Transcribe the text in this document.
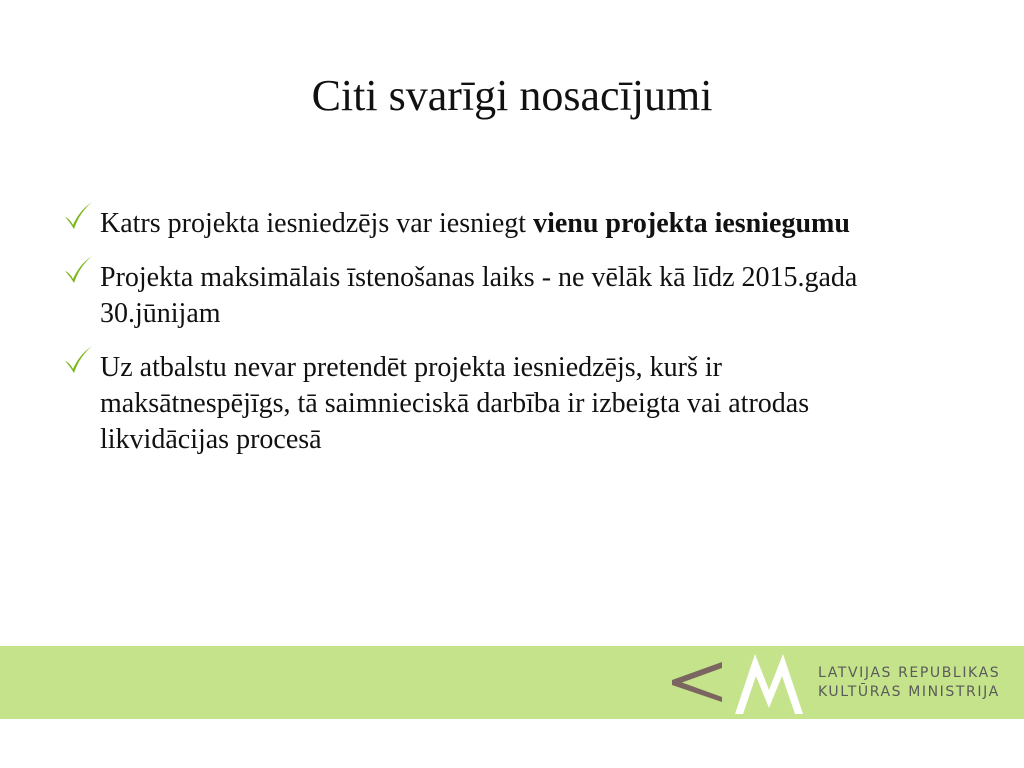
Citi svarīgi nosacījumi
Katrs projekta iesniedzējs var iesniegt vienu projekta iesniegumu
Projekta maksimālais īstenošanas laiks - ne vēlāk kā līdz 2015.gada 30.jūnijam
Uz atbalstu nevar pretendēt projekta iesniedzējs, kurš ir maksātnespējīgs, tā saimnieciskā darbība ir izbeigta vai atrodas likvidācijas procesā
LATVIJAS REPUBLIKAS
KULTŪRAS MINISTRIJA
